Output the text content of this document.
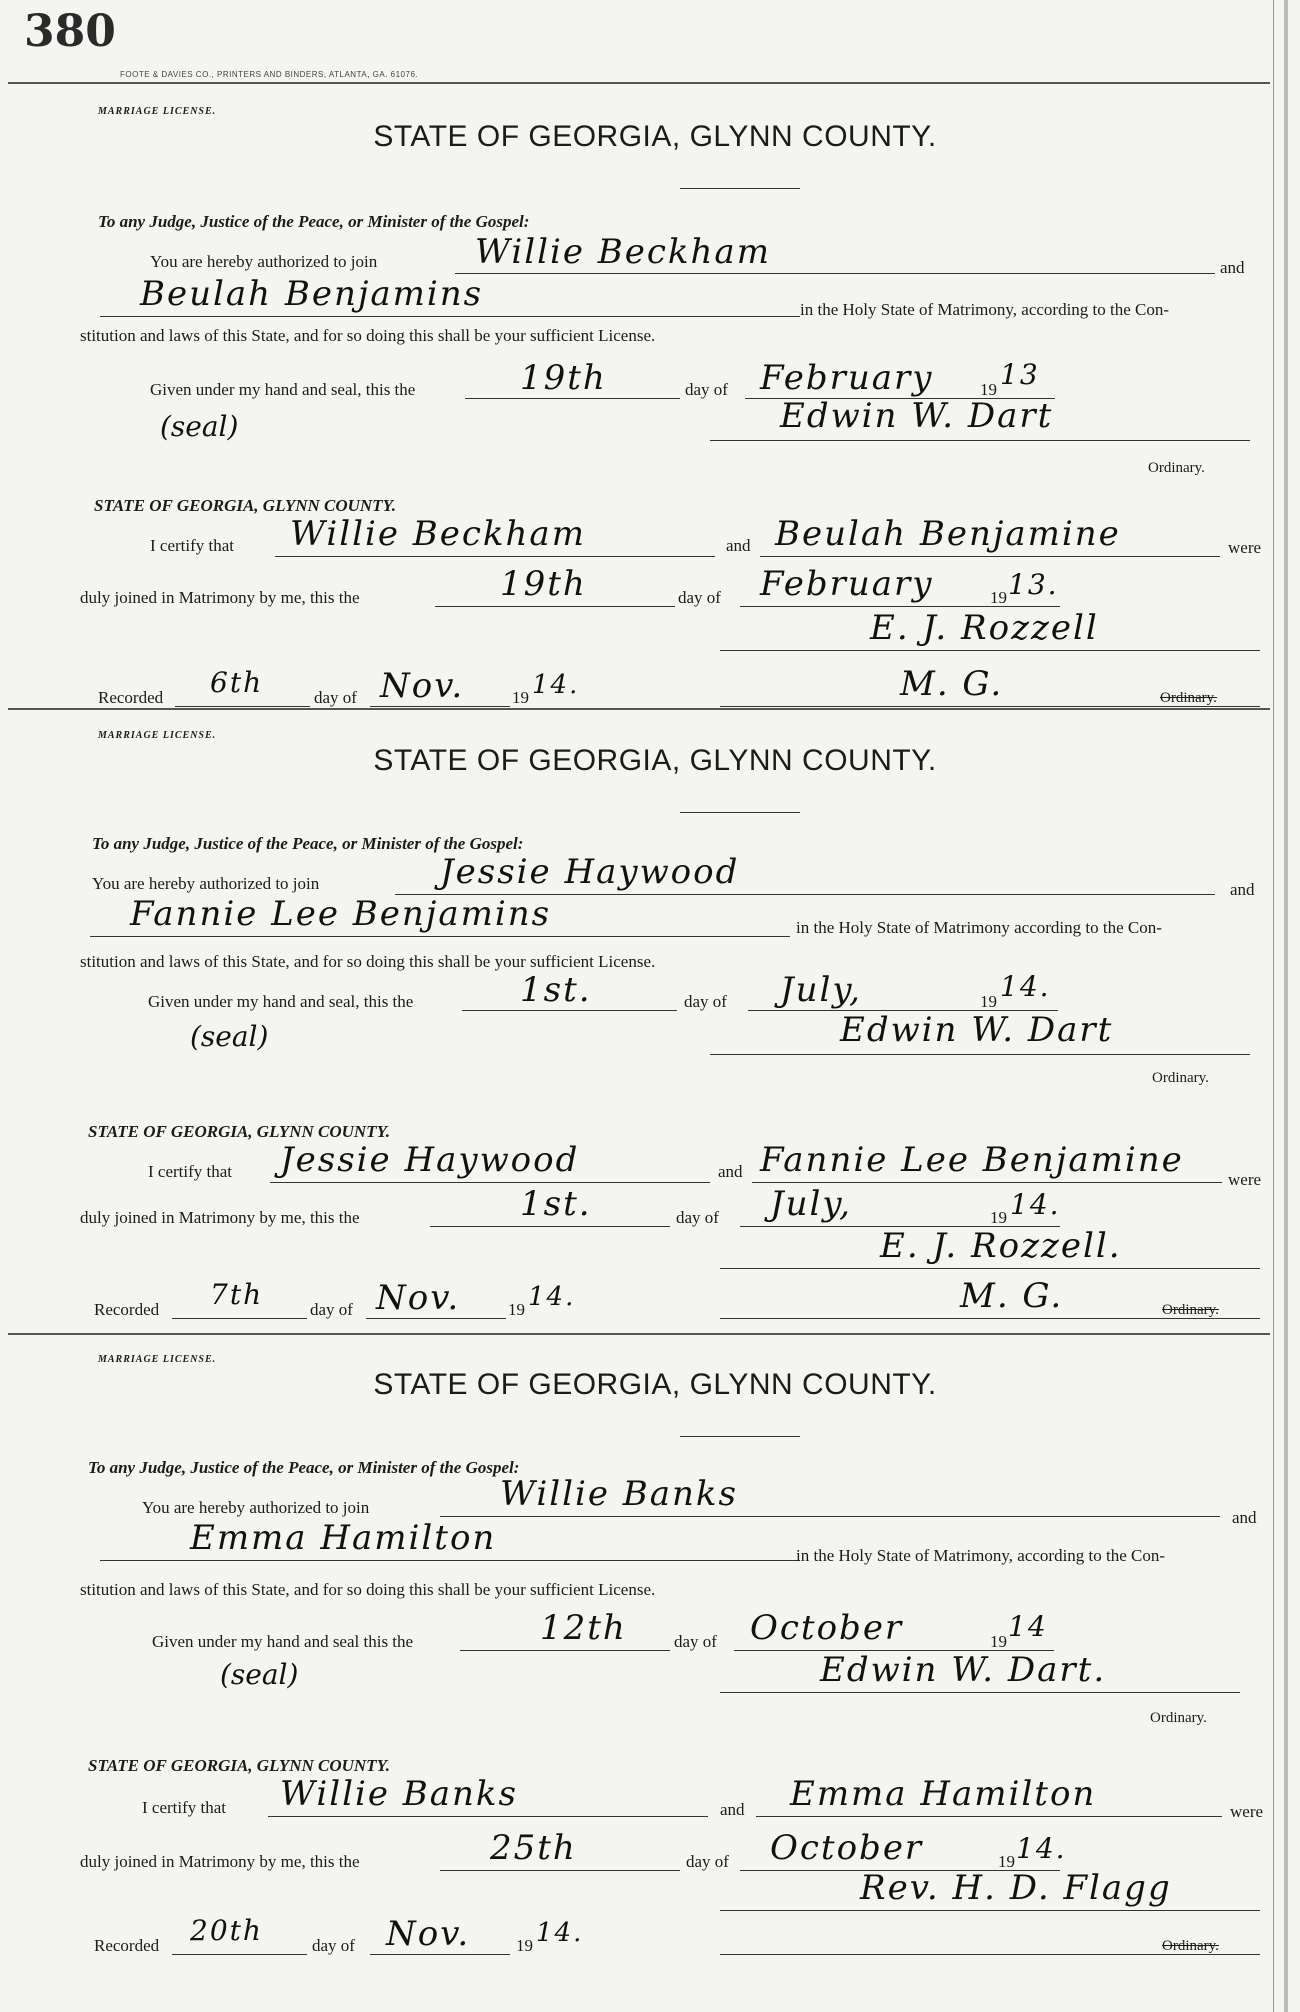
380
FOOTE & DAVIES CO., PRINTERS AND BINDERS, ATLANTA, GA. 61076.
MARRIAGE LICENSE.
STATE OF GEORGIA, GLYNN COUNTY.
To any Judge, Justice of the Peace, or Minister of the Gospel:
You are hereby authorized to join	Willie Beckham	and
Beulah Benjamins	in the Holy State of Matrimony, according to the Con-
stitution and laws of this State, and for so doing this shall be your sufficient License.
Given under my hand and seal, this the	19th	day of February	19 13
(seal)	Edwin W. Dart
Ordinary.
STATE OF GEORGIA, GLYNN COUNTY.
I certify that Willie Beckham	and Beulah Benjamine	were
duly joined in Matrimony by me, this the	19th	day of February	19 13.
E. J. Rozzell
Recorded 6th	day of Nov.	19 14.	M. G.	Ordinary.
MARRIAGE LICENSE.
STATE OF GEORGIA, GLYNN COUNTY.
To any Judge, Justice of the Peace, or Minister of the Gospel:
You are hereby authorized to join	Jessie Haywood	and
Fannie Lee Benjamins	in the Holy State of Matrimony according to the Con-
stitution and laws of this State, and for so doing this shall be your sufficient License.
Given under my hand and seal, this the	1st.	day of July,	19 14.
(seal)	Edwin W. Dart
Ordinary.
STATE OF GEORGIA, GLYNN COUNTY.
I certify that Jessie Haywood	and Fannie Lee Benjamine	were
duly joined in Matrimony by me, this the	1st.	day of July,	19 14.
E. J. Rozzell.
Recorded 7th	day of Nov.	19 14.	M. G.	Ordinary.
MARRIAGE LICENSE.
STATE OF GEORGIA, GLYNN COUNTY.
To any Judge, Justice of the Peace, or Minister of the Gospel:
You are hereby authorized to join	Willie Banks
and
Emma Hamilton	in the Holy State of Matrimony, according to the Con-
stitution and laws of this State, and for so doing this shall be your sufficient License.
Given under my hand and seal this the	12th	day of October	19 14
(seal)	Edwin W. Dart.
Ordinary.
STATE OF GEORGIA, GLYNN COUNTY.
I certify that Willie Banks	and Emma Hamilton	were
duly joined in Matrimony by me, this the	25th	day of October	19 14.
Rev. H. D. Flagg
Recorded 20th	day of Nov.	19 14.	Ordinary.
